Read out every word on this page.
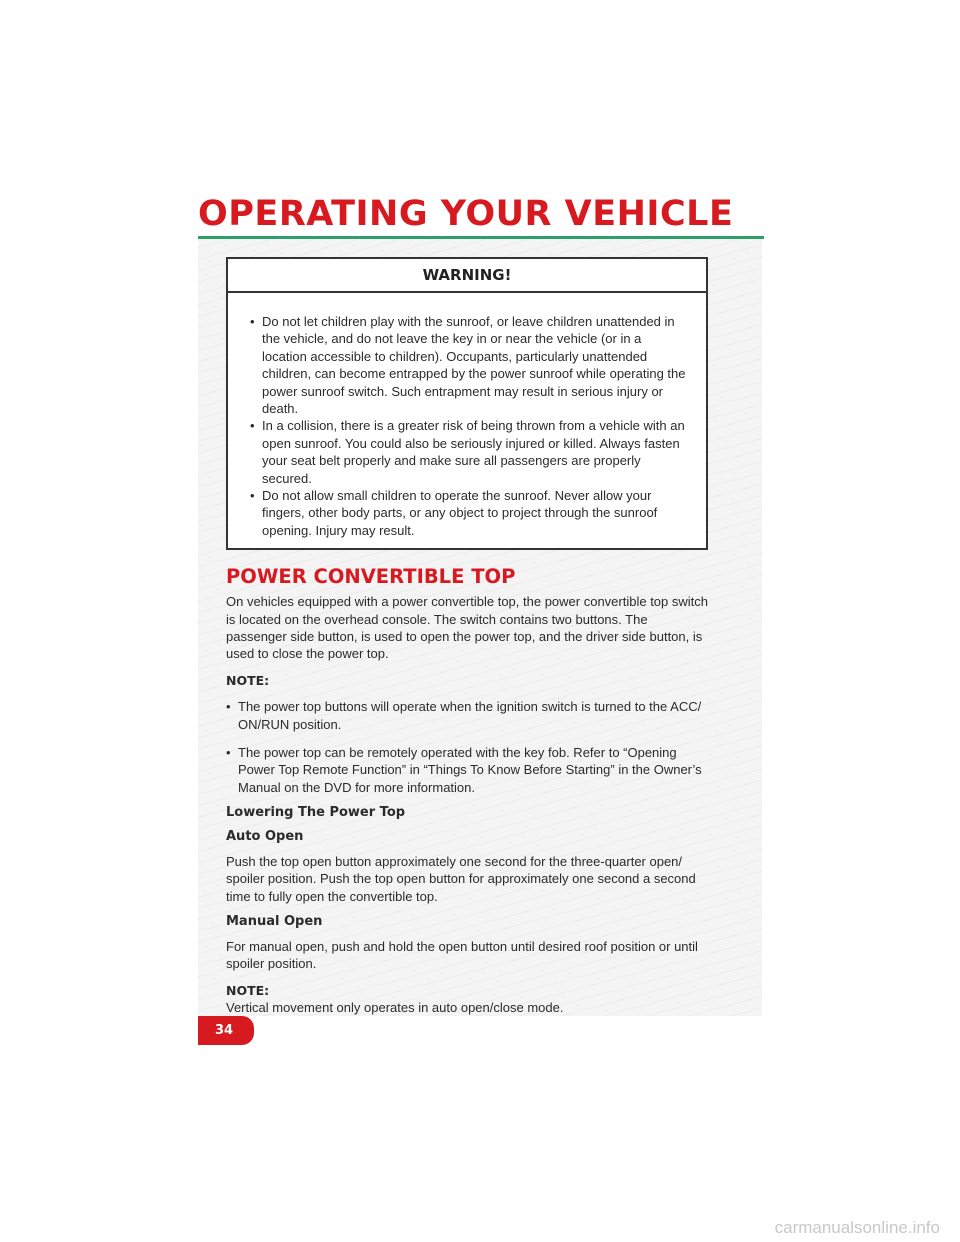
OPERATING YOUR VEHICLE
WARNING!
• Do not let children play with the sunroof, or leave children unattended in the vehicle, and do not leave the key in or near the vehicle (or in a location accessible to children). Occupants, particularly unattended children, can become entrapped by the power sunroof while operating the power sunroof switch. Such entrapment may result in serious injury or death.
• In a collision, there is a greater risk of being thrown from a vehicle with an open sunroof. You could also be seriously injured or killed. Always fasten your seat belt properly and make sure all passengers are properly secured.
• Do not allow small children to operate the sunroof. Never allow your fingers, other body parts, or any object to project through the sunroof opening. Injury may result.
POWER CONVERTIBLE TOP

On vehicles equipped with a power convertible top, the power convertible top switch is located on the overhead console. The switch contains two buttons. The passenger side button, is used to open the power top, and the driver side button, is used to close the power top.

NOTE:
• The power top buttons will operate when the ignition switch is turned to the ACC/ ON/RUN position.
• The power top can be remotely operated with the key fob. Refer to “Opening Power Top Remote Function” in “Things To Know Before Starting” in the Owner’s Manual on the DVD for more information.
Lowering The Power Top
Auto Open

Push the top open button approximately one second for the three-quarter open/ spoiler position. Push the top open button for approximately one second a second time to fully open the convertible top.

Manual Open

For manual open, push and hold the open button until desired roof position or until spoiler position.

NOTE:

Vertical movement only operates in auto open/close mode.

34
carmanualsonline.info
